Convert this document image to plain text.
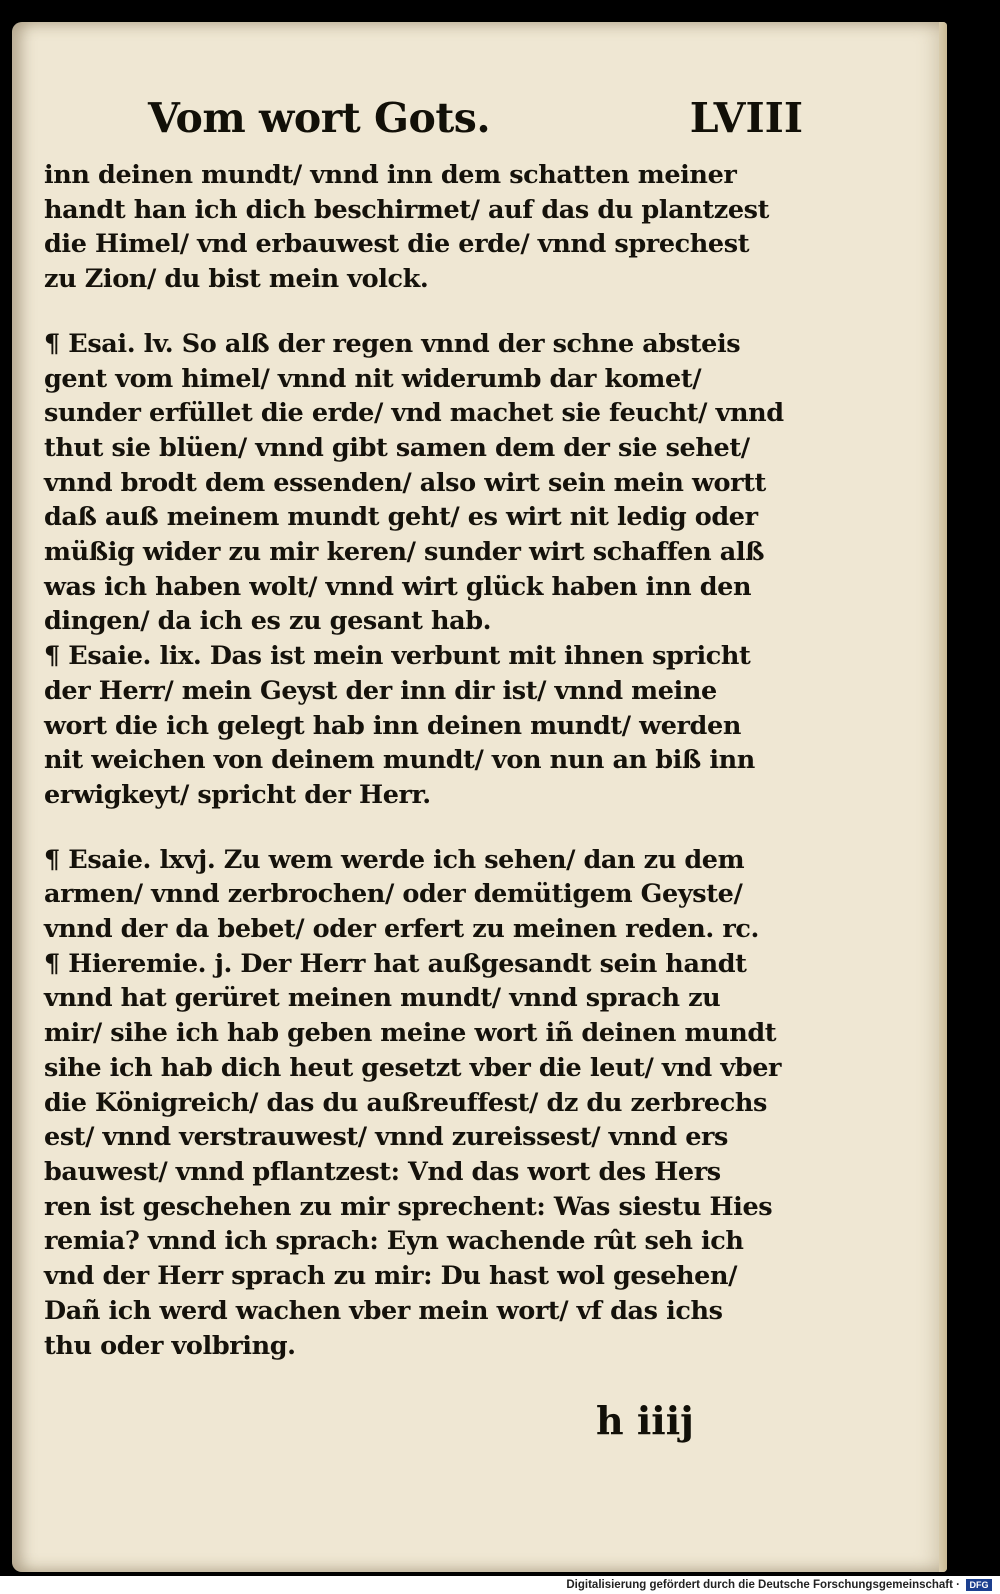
Vom wort Gots.	LVIII
inn deinen mundt/ vnnd inn dem schatten meiner
handt han ich dich beschirmet/ auf das du plantzest
die Himel/ vnd erbauwest die erde/ vnnd sprechest
zu Zion/ du bist mein volck.
¶ Esai. lv. So alß der regen vnnd der schne absteis
gent vom himel/ vnnd nit widerumb dar komet/
sunder erfüllet die erde/ vnd machet sie feucht/ vnnd
thut sie blüen/ vnnd gibt samen dem der sie sehet/
vnnd brodt dem essenden/ also wirt sein mein wortt
daß auß meinem mundt geht/ es wirt nit ledig oder
müßig wider zu mir keren/ sunder wirt schaffen alß
was ich haben wolt/ vnnd wirt glück haben inn den
dingen/ da ich es zu gesant hab.
¶ Esaie. lix. Das ist mein verbunt mit ihnen spricht
der Herr/ mein Geyst der inn dir ist/ vnnd meine
wort die ich gelegt hab inn deinen mundt/ werden
nit weichen von deinem mundt/ von nun an biß inn
erwigkeyt/ spricht der Herr.
¶ Esaie. lxvj. Zu wem werde ich sehen/ dan zu dem
armen/ vnnd zerbrochen/ oder demütigem Geyste/
vnnd der da bebet/ oder erfert zu meinen reden. rc.
¶ Hieremie. j. Der Herr hat außgesandt sein handt
vnnd hat gerüret meinen mundt/ vnnd sprach zu
mir/ sihe ich hab geben meine wort iñ deinen mundt
sihe ich hab dich heut gesetzt vber die leut/ vnd vber
die Königreich/ das du außreuffest/ dz du zerbrechs
est/ vnnd verstrauwest/ vnnd zureissest/ vnnd ers
bauwest/ vnnd pflantzest: Vnd das wort des Hers
ren ist geschehen zu mir sprechent: Was siestu Hies
remia? vnnd ich sprach: Eyn wachende rût seh ich
vnd der Herr sprach zu mir: Du hast wol gesehen/
Dañ ich werd wachen vber mein wort/ vf das ichs
thu oder volbring.
h iiij
Digitalisierung gefördert durch die Deutsche Forschungsgemeinschaft ·	DFG
